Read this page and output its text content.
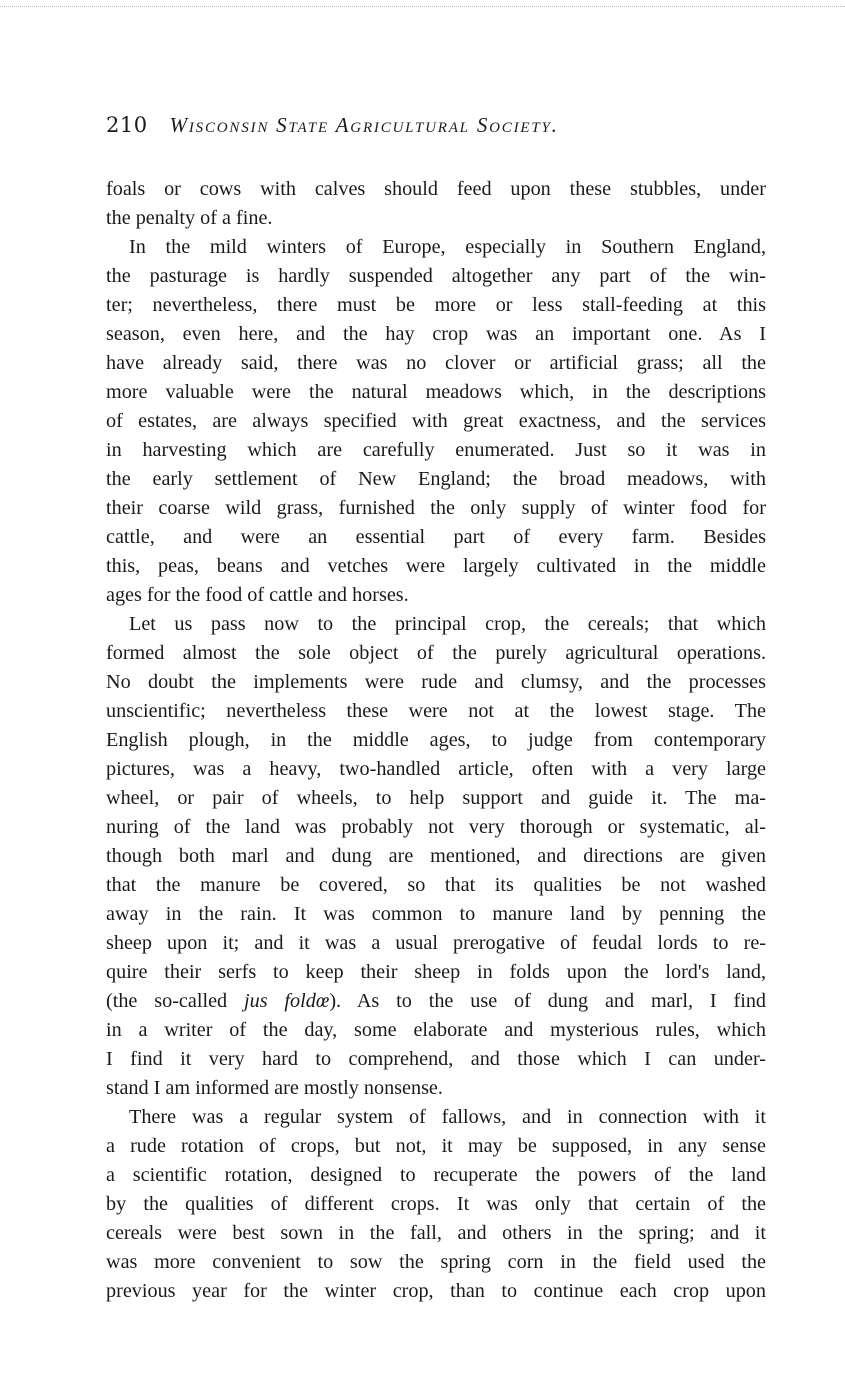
210 Wisconsin State Agricultural Society.
foals or cows with calves should feed upon these stubbles, under
the penalty of a fine.
In the mild winters of Europe, especially in Southern England,
the pasturage is hardly suspended altogether any part of the win-
ter; nevertheless, there must be more or less stall-feeding at this
season, even here, and the hay crop was an important one. As I
have already said, there was no clover or artificial grass; all the
more valuable were the natural meadows which, in the descriptions
of estates, are always specified with great exactness, and the services
in harvesting which are carefully enumerated. Just so it was in
the early settlement of New England; the broad meadows, with
their coarse wild grass, furnished the only supply of winter food for
cattle, and were an essential part of every farm. Besides
this, peas, beans and vetches were largely cultivated in the middle
ages for the food of cattle and horses.
Let us pass now to the principal crop, the cereals; that which
formed almost the sole object of the purely agricultural operations.
No doubt the implements were rude and clumsy, and the processes
unscientific; nevertheless these were not at the lowest stage. The
English plough, in the middle ages, to judge from contemporary
pictures, was a heavy, two-handled article, often with a very large
wheel, or pair of wheels, to help support and guide it. The ma-
nuring of the land was probably not very thorough or systematic, al-
though both marl and dung are mentioned, and directions are given
that the manure be covered, so that its qualities be not washed
away in the rain. It was common to manure land by penning the
sheep upon it; and it was a usual prerogative of feudal lords to re-
quire their serfs to keep their sheep in folds upon the lord's land,
(the so-called jus foldœ). As to the use of dung and marl, I find
in a writer of the day, some elaborate and mysterious rules, which
I find it very hard to comprehend, and those which I can under-
stand I am informed are mostly nonsense.
There was a regular system of fallows, and in connection with it
a rude rotation of crops, but not, it may be supposed, in any sense
a scientific rotation, designed to recuperate the powers of the land
by the qualities of different crops. It was only that certain of the
cereals were best sown in the fall, and others in the spring; and it
was more convenient to sow the spring corn in the field used the
previous year for the winter crop, than to continue each crop upon
